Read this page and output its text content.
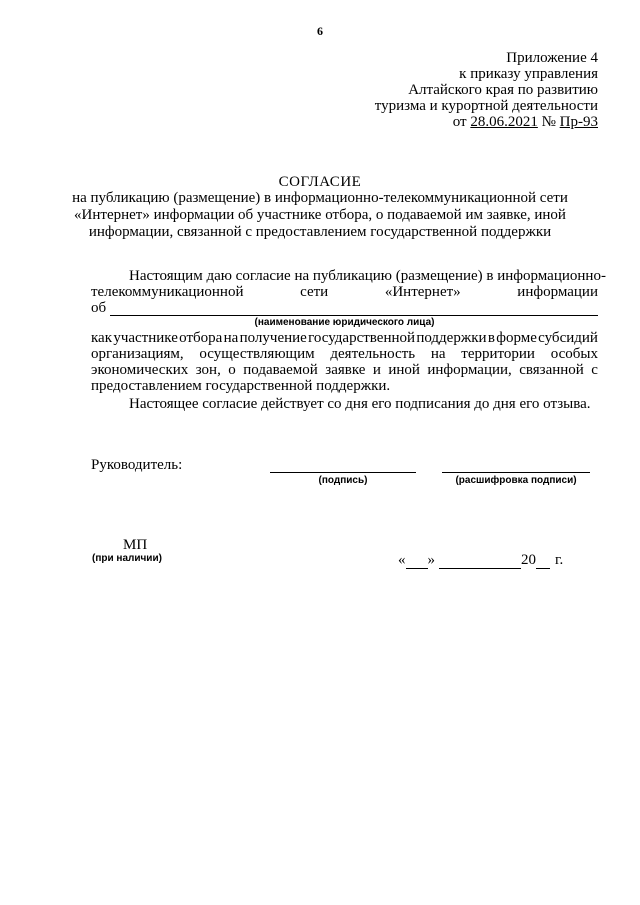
6
Приложение 4
к приказу управления
Алтайского края по развитию
туризма и курортной деятельности
от 28.06.2021 № Пр-93
СОГЛАСИЕ
на публикацию (размещение) в информационно-телекоммуникационной сети
«Интернет» информации об участнике отбора, о подаваемой им заявке, иной
информации, связанной с предоставлением государственной поддержки
Настоящим даю согласие на публикацию (размещение) в информационно-
телекоммуникационной	сети	«Интернет»	информации
об
(наименование юридического лица)
как участнике отбора на получение государственной поддержки в форме субсидий
организациям, осуществляющим деятельность на территории особых
экономических зон, о подаваемой заявке и иной информации, связанной с
предоставлением государственной поддержки.
Настоящее согласие действует со дня его подписания до дня его отзыва.
Руководитель:
(подпись)	(расшифровка подписи)
МП
(при наличии)	« »	20 г.
